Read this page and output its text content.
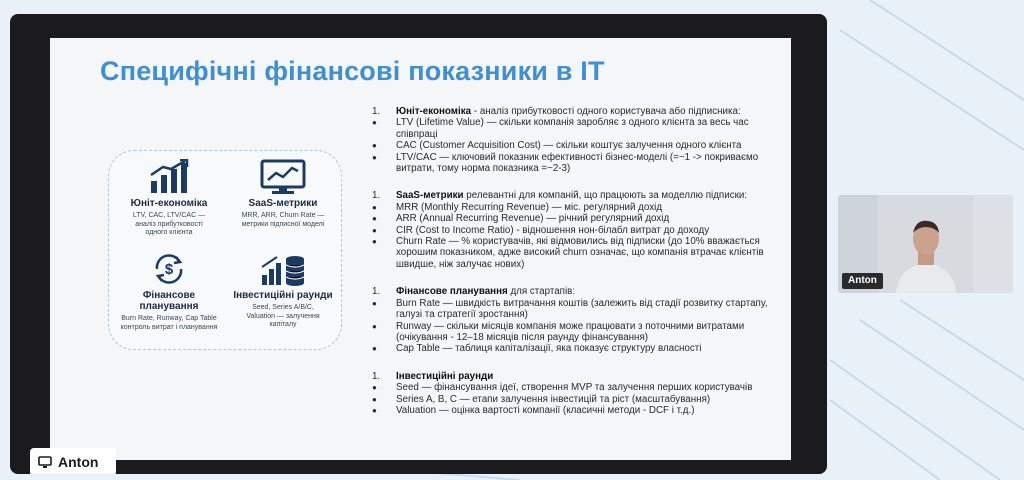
Специфічні фінансові показники в IT
Юніт-економіка
LTV, CAC, LTV/CAC —
аналіз прибутковості
одного клієнта
SaaS-метрики
MRR, ARR, Churn Rate —
метрики підписної моделі
$
Фінансове
планування
Burn Rate, Runway, Cap Table
контроль витрат і планування
Інвестиційні раунди
Seed, Series A/B/C,
Valuation — залучення
капіталу
1.	Юніт-економіка - аналіз прибутковості одного користувача або підписника:
●	LTV (Lifetime Value) — скільки компанія заробляє з одного клієнта за весь час співпраці
●	CAC (Customer Acquisition Cost) — скільки коштує залучення одного клієнта
●	LTV/CAC — ключовий показник ефективності бізнес-моделі (=~1 -> покриваємо витрати, тому норма показника =~2-3)
1.	SaaS-метрики релевантні для компаній, що працюють за моделлю підписки:
●	MRR (Monthly Recurring Revenue) — міс. регулярний дохід
●	ARR (Annual Recurring Revenue) — річний регулярний дохід
●	CIR (Cost to Income Ratio) - відношення нон-білабл витрат до доходу
●	Churn Rate — % користувачів, які відмовились від підписки (до 10% вважається хорошим показником, адже високий churn означає, що компанія втрачає клієнтів швидше, ніж залучає нових)
1.	Фінансове планування для стартапів:
●	Burn Rate — швидкість витрачання коштів (залежить від стадії розвитку стартапу, галузі та стратегії зростання)
●	Runway — скільки місяців компанія може працювати з поточними витратами (очікування - 12–18 місяців після раунду фінансування)
●	Cap Table — таблиця капіталізації, яка показує структуру власності
1.	Інвестиційні раунди
●	Seed — фінансування ідеї, створення MVP та залучення перших користувачів
●	Series A, B, C — етапи залучення інвестицій та ріст (масштабування)
●	Valuation — оцінка вартості компанії (класичні методи - DCF і т.д.)
Anton
Anton
